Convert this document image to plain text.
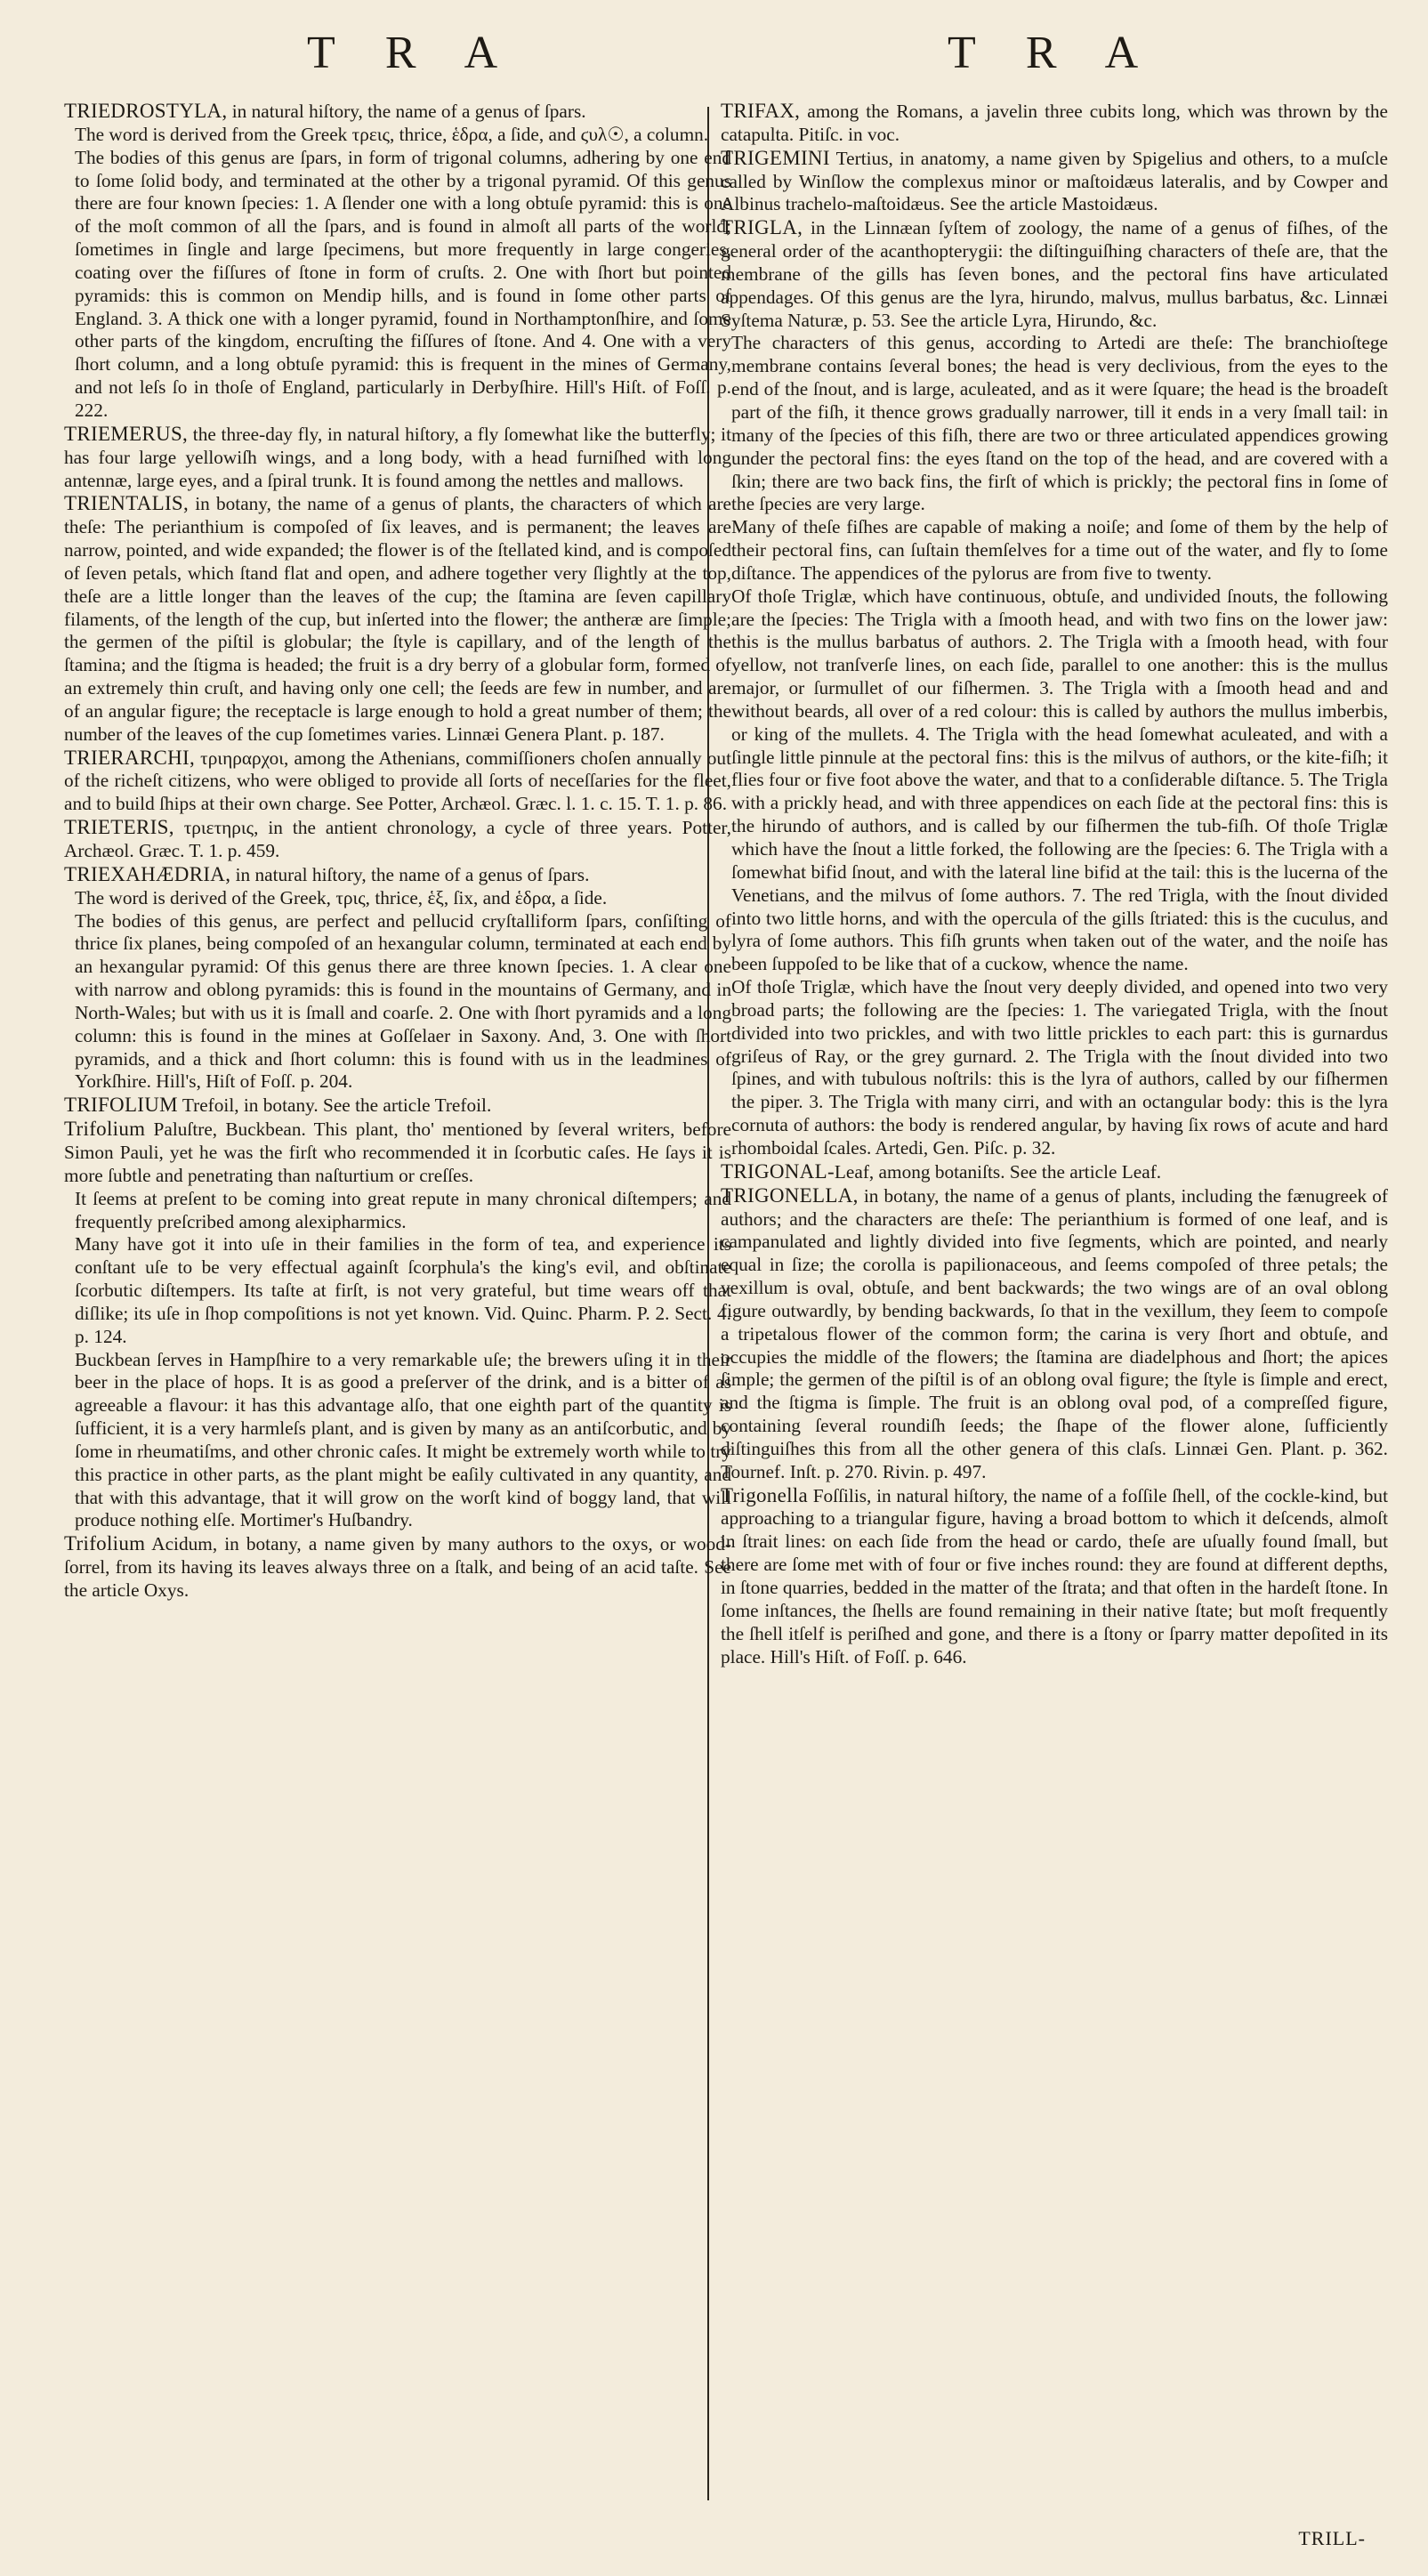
T R A	T R A
TRIEDROSTYLA, in natural hiſtory, the name of a genus of ſpars.
The word is derived from the Greek τρεις, thrice, ἑδρα, a ſide, and ϛυλ☉, a column.
The bodies of this genus are ſpars, in form of trigonal columns, adhering by one end to ſome ſolid body, and terminated at the other by a trigonal pyramid. Of this genus there are four known ſpecies: 1. A ſlender one with a long obtuſe pyramid: this is one of the moſt common of all the ſpars, and is found in almoſt all parts of the world; ſometimes in ſingle and large ſpecimens, but more frequently in large congeries, coating over the fiſſures of ſtone in form of cruſts. 2. One with ſhort but pointed pyramids: this is common on Mendip hills, and is found in ſome other parts of England. 3. A thick one with a longer pyramid, found in Northamptonſhire, and ſome other parts of the kingdom, encruſting the fiſſures of ſtone. And 4. One with a very ſhort column, and a long obtuſe pyramid: this is frequent in the mines of Germany, and not leſs ſo in thoſe of England, particularly in Derbyſhire. Hill's Hiſt. of Foſſ. p. 222.
TRIEMERUS, the three-day fly, in natural hiſtory, a fly ſomewhat like the butterfly; it has four large yellowiſh wings, and a long body, with a head furniſhed with long antennæ, large eyes, and a ſpiral trunk. It is found among the nettles and mallows.
TRIENTALIS, in botany, the name of a genus of plants, the characters of which are theſe: The perianthium is compoſed of ſix leaves, and is permanent; the leaves are narrow, pointed, and wide expanded; the flower is of the ſtellated kind, and is compoſed of ſeven petals, which ſtand flat and open, and adhere together very ſlightly at the top, theſe are a little longer than the leaves of the cup; the ſtamina are ſeven capillary filaments, of the length of the cup, but inſerted into the flower; the antheræ are ſimple; the germen of the piſtil is globular; the ſtyle is capillary, and of the length of the ſtamina; and the ſtigma is headed; the fruit is a dry berry of a globular form, formed of an extremely thin cruſt, and having only one cell; the ſeeds are few in number, and are of an angular figure; the receptacle is large enough to hold a great number of them; the number of the leaves of the cup ſometimes varies. Linnæi Genera Plant. p. 187.
TRIERARCHI, τριηραρχοι, among the Athenians, commiſſioners choſen annually out of the richeſt citizens, who were obliged to provide all ſorts of neceſſaries for the fleet, and to build ſhips at their own charge. See Potter, Archæol. Græc. l. 1. c. 15. T. 1. p. 86.
TRIETERIS, τριετηρις, in the antient chronology, a cycle of three years. Potter, Archæol. Græc. T. 1. p. 459.
TRIEXAHÆDRIA, in natural hiſtory, the name of a genus of ſpars.
The word is derived of the Greek, τρις, thrice, ἑξ, ſix, and ἑδρα, a ſide.
The bodies of this genus, are perfect and pellucid cryſtalliform ſpars, conſiſting of thrice ſix planes, being compoſed of an hexangular column, terminated at each end by an hexangular pyramid: Of this genus there are three known ſpecies. 1. A clear one with narrow and oblong pyramids: this is found in the mountains of Germany, and in North-Wales; but with us it is ſmall and coarſe. 2. One with ſhort pyramids and a long column: this is found in the mines at Goſſelaer in Saxony. And, 3. One with ſhort pyramids, and a thick and ſhort column: this is found with us in the leadmines of Yorkſhire. Hill's, Hiſt of Foſſ. p. 204.
TRIFOLIUM Trefoil, in botany. See the article Trefoil.
Trifolium Paluſtre, Buckbean. This plant, tho' mentioned by ſeveral writers, before Simon Pauli, yet he was the firſt who recommended it in ſcorbutic caſes. He ſays it is more ſubtle and penetrating than naſturtium or creſſes.
It ſeems at preſent to be coming into great repute in many chronical diſtempers; and frequently preſcribed among alexipharmics.
Many have got it into uſe in their families in the form of tea, and experience its conſtant uſe to be very effectual againſt ſcorphula's the king's evil, and obſtinate ſcorbutic diſtempers. Its taſte at firſt, is not very grateful, but time wears off that diſlike; its uſe in ſhop compoſitions is not yet known. Vid. Quinc. Pharm. P. 2. Sect. 4. p. 124.
Buckbean ſerves in Hampſhire to a very remarkable uſe; the brewers uſing it in their beer in the place of hops. It is as good a preſerver of the drink, and is a bitter of as agreeable a flavour: it has this advantage alſo, that one eighth part of the quantity is ſufficient, it is a very harmleſs plant, and is given by many as an antiſcorbutic, and by ſome in rheumatiſms, and other chronic caſes. It might be extremely worth while to try this practice in other parts, as the plant might be eaſily cultivated in any quantity, and that with this advantage, that it will grow on the worſt kind of boggy land, that will produce nothing elſe. Mortimer's Huſbandry.
Trifolium Acidum, in botany, a name given by many authors to the oxys, or wood-ſorrel, from its having its leaves always three on a ſtalk, and being of an acid taſte. See the article Oxys.
TRIFAX, among the Romans, a javelin three cubits long, which was thrown by the catapulta. Pitiſc. in voc.
TRIGEMINI Tertius, in anatomy, a name given by Spigelius and others, to a muſcle called by Winſlow the complexus minor or maſtoidæus lateralis, and by Cowper and Albinus trachelo-maſtoidæus. See the article Mastoidæus.
TRIGLA, in the Linnæan ſyſtem of zoology, the name of a genus of fiſhes, of the general order of the acanthopterygii: the diſtinguiſhing characters of theſe are, that the membrane of the gills has ſeven bones, and the pectoral fins have articulated appendages. Of this genus are the lyra, hirundo, malvus, mullus barbatus, &c. Linnæi Syſtema Naturæ, p. 53. See the article Lyra, Hirundo, &c.
The characters of this genus, according to Artedi are theſe: The branchioſtege membrane contains ſeveral bones; the head is very declivious, from the eyes to the end of the ſnout, and is large, aculeated, and as it were ſquare; the head is the broadeſt part of the fiſh, it thence grows gradually narrower, till it ends in a very ſmall tail: in many of the ſpecies of this fiſh, there are two or three articulated appendices growing under the pectoral fins: the eyes ſtand on the top of the head, and are covered with a ſkin; there are two back fins, the firſt of which is prickly; the pectoral fins in ſome of the ſpecies are very large.
Many of theſe fiſhes are capable of making a noiſe; and ſome of them by the help of their pectoral fins, can ſuſtain themſelves for a time out of the water, and fly to ſome diſtance. The appendices of the pylorus are from five to twenty.
Of thoſe Triglæ, which have continuous, obtuſe, and undivided ſnouts, the following are the ſpecies: The Trigla with a ſmooth head, and with two fins on the lower jaw: this is the mullus barbatus of authors. 2. The Trigla with a ſmooth head, with four yellow, not tranſverſe lines, on each ſide, parallel to one another: this is the mullus major, or ſurmullet of our fiſhermen. 3. The Trigla with a ſmooth head and and without beards, all over of a red colour: this is called by authors the mullus imberbis, or king of the mullets. 4. The Trigla with the head ſomewhat aculeated, and with a ſingle little pinnule at the pectoral fins: this is the milvus of authors, or the kite-fiſh; it flies four or five foot above the water, and that to a conſiderable diſtance. 5. The Trigla with a prickly head, and with three appendices on each ſide at the pectoral fins: this is the hirundo of authors, and is called by our fiſhermen the tub-fiſh. Of thoſe Triglæ which have the ſnout a little forked, the following are the ſpecies: 6. The Trigla with a ſomewhat bifid ſnout, and with the lateral line bifid at the tail: this is the lucerna of the Venetians, and the milvus of ſome authors. 7. The red Trigla, with the ſnout divided into two little horns, and with the opercula of the gills ſtriated: this is the cuculus, and lyra of ſome authors. This fiſh grunts when taken out of the water, and the noiſe has been ſuppoſed to be like that of a cuckow, whence the name.
Of thoſe Triglæ, which have the ſnout very deeply divided, and opened into two very broad parts; the following are the ſpecies: 1. The variegated Trigla, with the ſnout divided into two prickles, and with two little prickles to each part: this is gurnardus griſeus of Ray, or the grey gurnard. 2. The Trigla with the ſnout divided into two ſpines, and with tubulous noſtrils: this is the lyra of authors, called by our fiſhermen the piper. 3. The Trigla with many cirri, and with an octangular body: this is the lyra cornuta of authors: the body is rendered angular, by having ſix rows of acute and hard rhomboidal ſcales. Artedi, Gen. Piſc. p. 32.
TRIGONAL-Leaf, among botaniſts. See the article Leaf.
TRIGONELLA, in botany, the name of a genus of plants, including the fænugreek of authors; and the characters are theſe: The perianthium is formed of one leaf, and is campanulated and lightly divided into five ſegments, which are pointed, and nearly equal in ſize; the corolla is papilionaceous, and ſeems compoſed of three petals; the vexillum is oval, obtuſe, and bent backwards; the two wings are of an oval oblong figure outwardly, by bending backwards, ſo that in the vexillum, they ſeem to compoſe a tripetalous flower of the common form; the carina is very ſhort and obtuſe, and occupies the middle of the flowers; the ſtamina are diadelphous and ſhort; the apices ſimple; the germen of the piſtil is of an oblong oval figure; the ſtyle is ſimple and erect, and the ſtigma is ſimple. The fruit is an oblong oval pod, of a compreſſed figure, containing ſeveral roundiſh ſeeds; the ſhape of the flower alone, ſufficiently diſtinguiſhes this from all the other genera of this claſs. Linnæi Gen. Plant. p. 362. Tournef. Inſt. p. 270. Rivin. p. 497.
Trigonella Foſſilis, in natural hiſtory, the name of a foſſile ſhell, of the cockle-kind, but approaching to a triangular figure, having a broad bottom to which it deſcends, almoſt in ſtrait lines: on each ſide from the head or cardo, theſe are uſually found ſmall, but there are ſome met with of four or five inches round: they are found at different depths, in ſtone quarries, bedded in the matter of the ſtrata; and that often in the hardeſt ſtone. In ſome inſtances, the ſhells are found remaining in their native ſtate; but moſt frequently the ſhell itſelf is periſhed and gone, and there is a ſtony or ſparry matter depoſited in its place. Hill's Hiſt. of Foſſ. p. 646.
TRILL-
